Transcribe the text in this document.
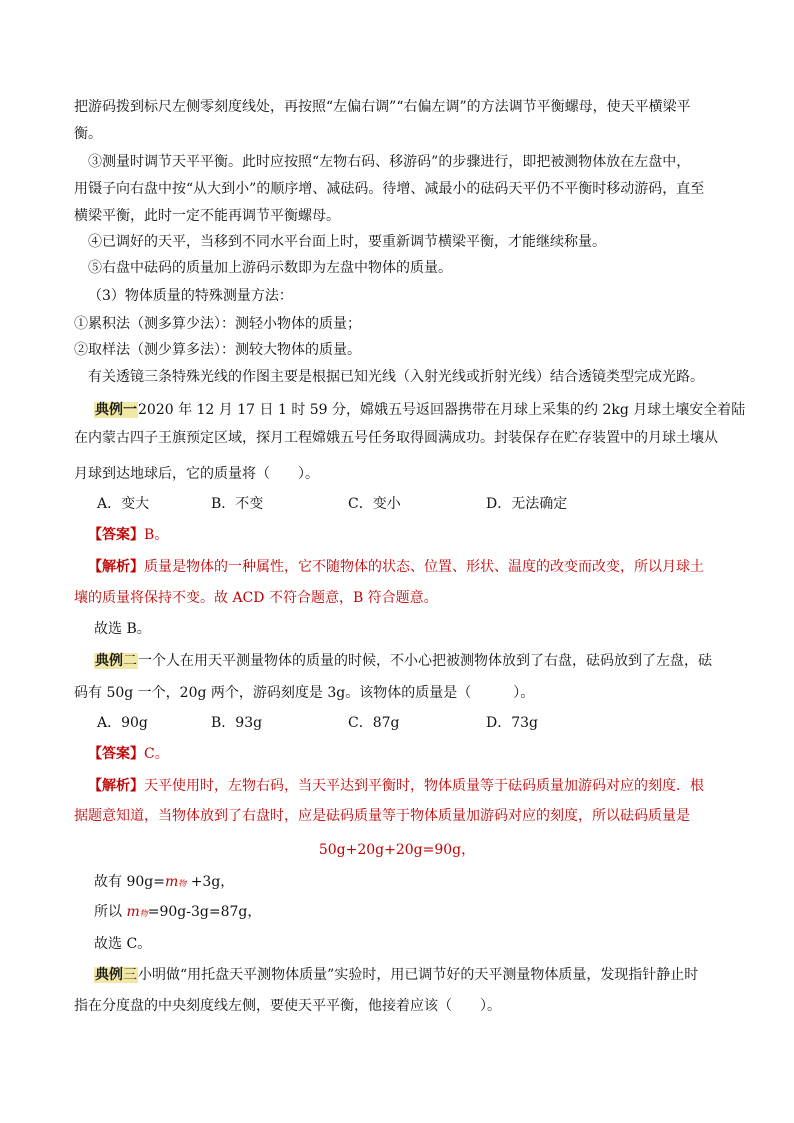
把游码拨到标尺左侧零刻度线处，再按照“左偏右调”“右偏左调”的方法调节平衡螺母，使天平横梁平
衡。
③测量时调节天平平衡。此时应按照“左物右码、移游码”的步骤进行，即把被测物体放在左盘中，
用镊子向右盘中按“从大到小”的顺序增、减砝码。待增、减最小的砝码天平仍不平衡时移动游码，直至
横梁平衡，此时一定不能再调节平衡螺母。
④已调好的天平，当移到不同水平台面上时，要重新调节横梁平衡，才能继续称量。
⑤右盘中砝码的质量加上游码示数即为左盘中物体的质量。
（3）物体质量的特殊测量方法：
①累积法（测多算少法）：测轻小物体的质量；
②取样法（测少算多法）：测较大物体的质量。
有关透镜三条特殊光线的作图主要是根据已知光线（入射光线或折射光线）结合透镜类型完成光路。
典例一2020 年 12 月 17 日 1 时 59 分，嫦娥五号返回器携带在月球上采集的约 2kg 月球土壤安全着陆
在内蒙古四子王旗预定区域，探月工程嫦娥五号任务取得圆满成功。封装保存在贮存装置中的月球土壤从
月球到达地球后，它的质量将（　　）。
A．变大	B．不变	C．变小	D．无法确定
【答案】B。
【解析】质量是物体的一种属性，它不随物体的状态、位置、形状、温度的改变而改变，所以月球土
壤的质量将保持不变。故 ACD 不符合题意，B 符合题意。
故选 B。
典例二一个人在用天平测量物体的质量的时候，不小心把被测物体放到了右盘，砝码放到了左盘，砝
码有 50g 一个，20g 两个，游码刻度是 3g。该物体的质量是（　　　）。
A．90g	B．93g	C．87g	D．73g
【答案】C。
【解析】天平使用时，左物右码，当天平达到平衡时，物体质量等于砝码质量加游码对应的刻度．根
据题意知道，当物体放到了右盘时，应是砝码质量等于物体质量加游码对应的刻度，所以砝码质量是
50g+20g+20g=90g，
故有 90g=m物 +3g，
所以 m物=90g-3g=87g，
故选 C。
典例三小明做“用托盘天平测物体质量”实验时，用已调节好的天平测量物体质量，发现指针静止时
指在分度盘的中央刻度线左侧，要使天平平衡，他接着应该（　　）。
